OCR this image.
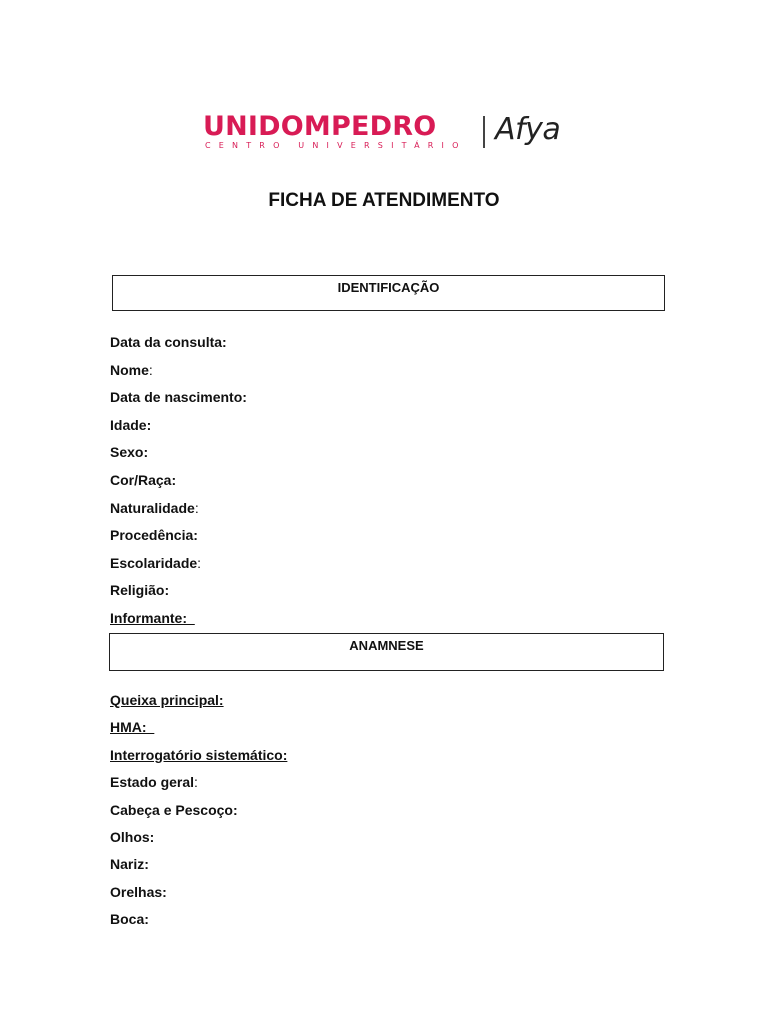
UNIDOMPEDRO
CENTRO UNIVERSITÁRIO Afya
FICHA DE ATENDIMENTO
IDENTIFICAÇÃO
Data da consulta:
Nome:
Data de nascimento:
Idade:
Sexo:
Cor/Raça:
Naturalidade:
Procedência:
Escolaridade:
Religião:
Informante:
ANAMNESE
Queixa principal:
HMA:
Interrogatório sistemático:
Estado geral:
Cabeça e Pescoço:
Olhos:
Nariz:
Orelhas:
Boca:
